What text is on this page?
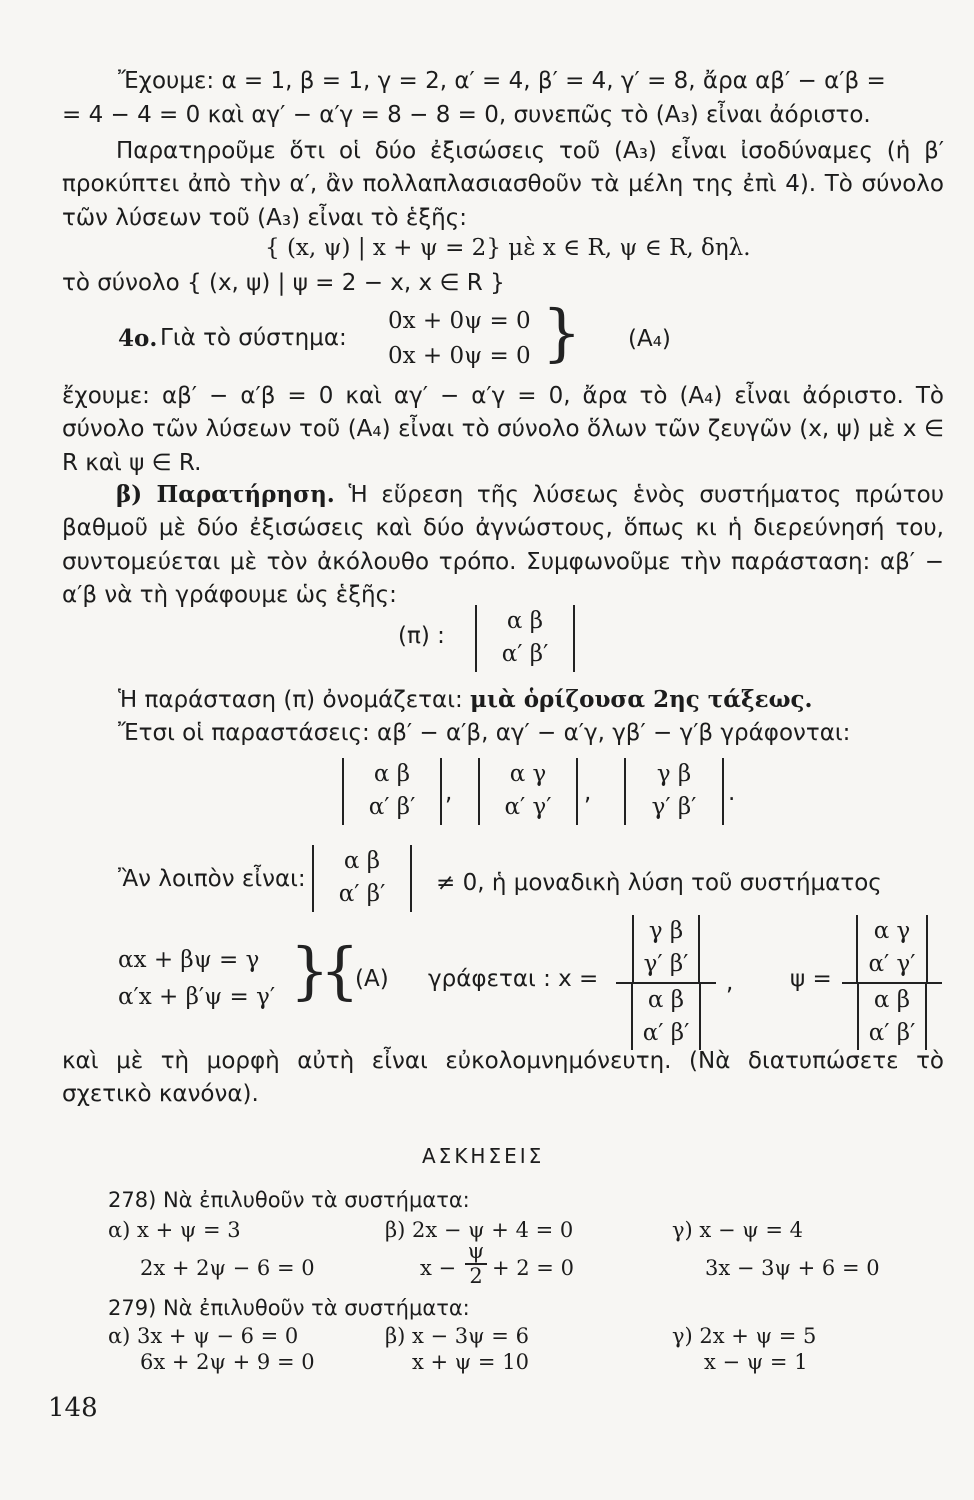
Ἔχουμε: α = 1, β = 1, γ = 2, α′ = 4, β′ = 4, γ′ = 8, ἄρα αβ′ − α′β =
= 4 − 4 = 0 καὶ αγ′ − α′γ = 8 − 8 = 0, συνεπῶς τὸ (Α₃) εἶναι ἀόριστο.
Παρατηροῦμε ὅτι οἱ δύο ἐξισώσεις τοῦ (Α₃) εἶναι ἰσοδύναμες (ἡ β′ προκύπτει ἀπὸ τὴν α′, ἂν πολλαπλασιασθοῦν τὰ μέλη της ἐπὶ 4). Τὸ σύνολο τῶν λύσεων τοῦ (Α₃) εἶναι τὸ ἑξῆς:
{ (x, ψ) | x + ψ = 2} μὲ x ∈ R, ψ ∈ R, δηλ.
τὸ σύνολο { (x, ψ) | ψ = 2 − x, x ∈ R }
4ο. Γιὰ τὸ σύστημα:
0x + 0ψ = 0
0x + 0ψ = 0 } (Α₄)
ἔχουμε: αβ′ − α′β = 0 καὶ αγ′ − α′γ = 0, ἄρα τὸ (Α₄) εἶναι ἀόριστο. Τὸ σύνολο τῶν λύσεων τοῦ (Α₄) εἶναι τὸ σύνολο ὅλων τῶν ζευγῶν (x, ψ) μὲ x ∈ R καὶ ψ ∈ R.
β) Παρατήρηση. Ἡ εὕρεση τῆς λύσεως ἑνὸς συστήματος πρώτου βαθμοῦ μὲ δύο ἐξισώσεις καὶ δύο ἀγνώστους, ὅπως κι ἡ διερεύνησή του, συντομεύεται μὲ τὸν ἀκόλουθο τρόπο. Συμφωνοῦμε τὴν παράσταση: αβ′ − α′β νὰ τὴ γράφουμε ὡς ἑξῆς:
(π) :
α β
α′ β′
Ἡ παράσταση (π) ὀνομάζεται: μιὰ ὁρίζουσα 2ης τάξεως.
Ἔτσι οἱ παραστάσεις: αβ′ − α′β, αγ′ − α′γ, γβ′ − γ′β γράφονται:
α β
α′ β′
,
α γ
α′ γ′
,
γ β
γ′ β′
.
Ἂν λοιπὸν εἶναι:
α β
α′ β′	≠ 0, ἡ μοναδικὴ λύση τοῦ συστήματος
αx + βψ = γ
α′x + β′ψ = γ′ }
{
(Α) γράφεται : x = γ β
γ′ β′
α β
α′ β′ , ψ = α γ
α′ γ′
α β
α′ β′
καὶ μὲ τὴ μορφὴ αὐτὴ εἶναι εὐκολομνημόνευτη. (Νὰ διατυπώσετε τὸ σχετικὸ κανόνα).
ΑΣΚΗΣΕΙΣ
278) Νὰ ἐπιλυθοῦν τὰ συστήματα:
α) x + ψ = 3
2x + 2ψ − 6 = 0
β) 2x − ψ + 4 = 0
$x - \frac{\psi}{2} + 2 = 0$
γ) x − ψ = 4
3x − 3ψ + 6 = 0
279) Νὰ ἐπιλυθοῦν τὰ συστήματα:
α) 3x + ψ − 6 = 0
6x + 2ψ + 9 = 0
β) x − 3ψ = 6
x + ψ = 10
γ) 2x + ψ = 5
x − ψ = 1
148
